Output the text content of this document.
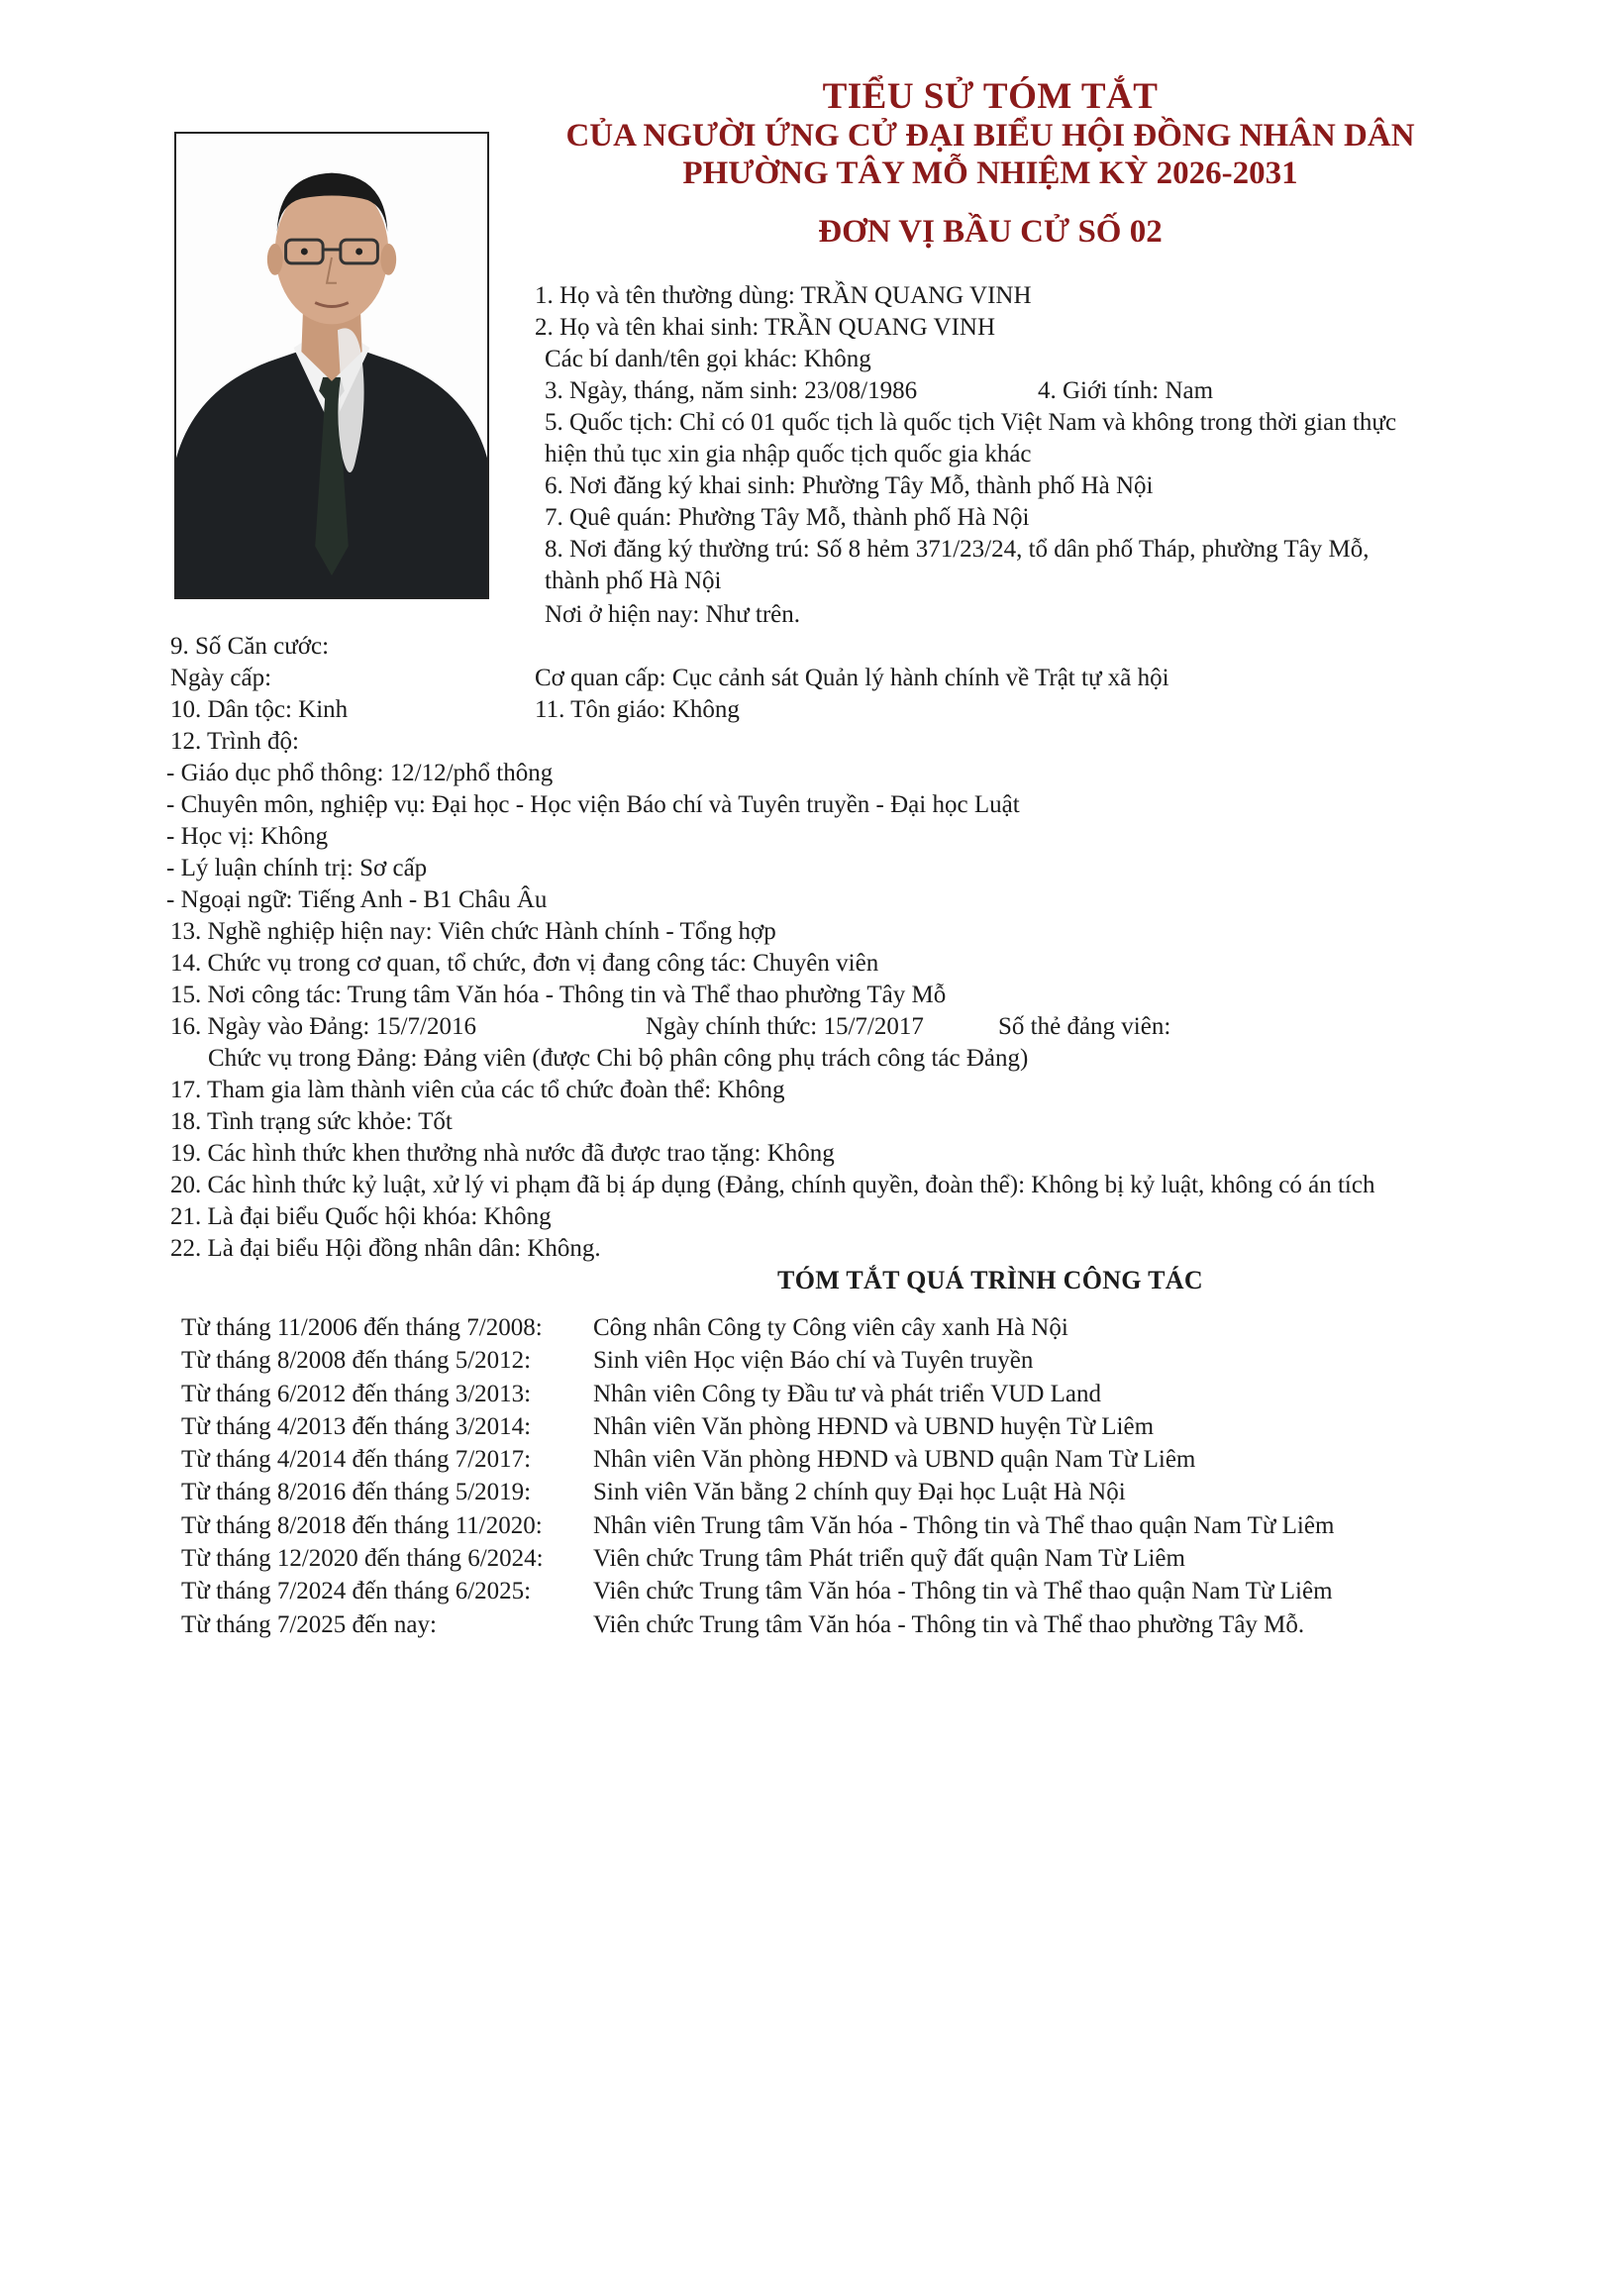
TIỂU SỬ TÓM TẮT
CỦA NGƯỜI ỨNG CỬ ĐẠI BIỂU HỘI ĐỒNG NHÂN DÂN
PHƯỜNG TÂY MỖ NHIỆM KỲ 2026-2031
ĐƠN VỊ BẦU CỬ SỐ 02
1. Họ và tên thường dùng: TRẦN QUANG VINH
2. Họ và tên khai sinh: TRẦN QUANG VINH
Các bí danh/tên gọi khác: Không
3. Ngày, tháng, năm sinh: 23/08/1986	4. Giới tính: Nam
5. Quốc tịch: Chỉ có 01 quốc tịch là quốc tịch Việt Nam và không trong thời gian thực
hiện thủ tục xin gia nhập quốc tịch quốc gia khác
6. Nơi đăng ký khai sinh: Phường Tây Mỗ, thành phố Hà Nội
7. Quê quán: Phường Tây Mỗ, thành phố Hà Nội
8. Nơi đăng ký thường trú: Số 8 hẻm 371/23/24, tổ dân phố Tháp, phường Tây Mỗ,
thành phố Hà Nội
Nơi ở hiện nay: Như trên.
9. Số Căn cước:
Ngày cấp:	Cơ quan cấp: Cục cảnh sát Quản lý hành chính về Trật tự xã hội
10. Dân tộc: Kinh	11. Tôn giáo: Không
12. Trình độ:
- Giáo dục phổ thông: 12/12/phổ thông
- Chuyên môn, nghiệp vụ: Đại học - Học viện Báo chí và Tuyên truyền - Đại học Luật
- Học vị: Không
- Lý luận chính trị: Sơ cấp
- Ngoại ngữ: Tiếng Anh - B1 Châu Âu
13. Nghề nghiệp hiện nay: Viên chức Hành chính - Tổng hợp
14. Chức vụ trong cơ quan, tổ chức, đơn vị đang công tác: Chuyên viên
15. Nơi công tác: Trung tâm Văn hóa - Thông tin và Thể thao phường Tây Mỗ
16. Ngày vào Đảng: 15/7/2016	Ngày chính thức: 15/7/2017	Số thẻ đảng viên:
Chức vụ trong Đảng: Đảng viên (được Chi bộ phân công phụ trách công tác Đảng)
17. Tham gia làm thành viên của các tổ chức đoàn thể: Không
18. Tình trạng sức khỏe: Tốt
19. Các hình thức khen thưởng nhà nước đã được trao tặng: Không
20. Các hình thức kỷ luật, xử lý vi phạm đã bị áp dụng (Đảng, chính quyền, đoàn thể): Không bị kỷ luật, không có án tích
21. Là đại biểu Quốc hội khóa: Không
22. Là đại biểu Hội đồng nhân dân: Không.
TÓM TẮT QUÁ TRÌNH CÔNG TÁC
Từ tháng 11/2006 đến tháng 7/2008: Công nhân Công ty Công viên cây xanh Hà Nội
Từ tháng 8/2008 đến tháng 5/2012:	Sinh viên Học viện Báo chí và Tuyên truyền
Từ tháng 6/2012 đến tháng 3/2013:	Nhân viên Công ty Đầu tư và phát triển VUD Land
Từ tháng 4/2013 đến tháng 3/2014:	Nhân viên Văn phòng HĐND và UBND huyện Từ Liêm
Từ tháng 4/2014 đến tháng 7/2017:	Nhân viên Văn phòng HĐND và UBND quận Nam Từ Liêm
Từ tháng 8/2016 đến tháng 5/2019:	Sinh viên Văn bằng 2 chính quy Đại học Luật Hà Nội
Từ tháng 8/2018 đến tháng 11/2020: Nhân viên Trung tâm Văn hóa - Thông tin và Thể thao quận Nam Từ Liêm
Từ tháng 12/2020 đến tháng 6/2024: Viên chức Trung tâm Phát triển quỹ đất quận Nam Từ Liêm
Từ tháng 7/2024 đến tháng 6/2025:	Viên chức Trung tâm Văn hóa - Thông tin và Thể thao quận Nam Từ Liêm
Từ tháng 7/2025 đến nay:	Viên chức Trung tâm Văn hóa - Thông tin và Thể thao phường Tây Mỗ.
